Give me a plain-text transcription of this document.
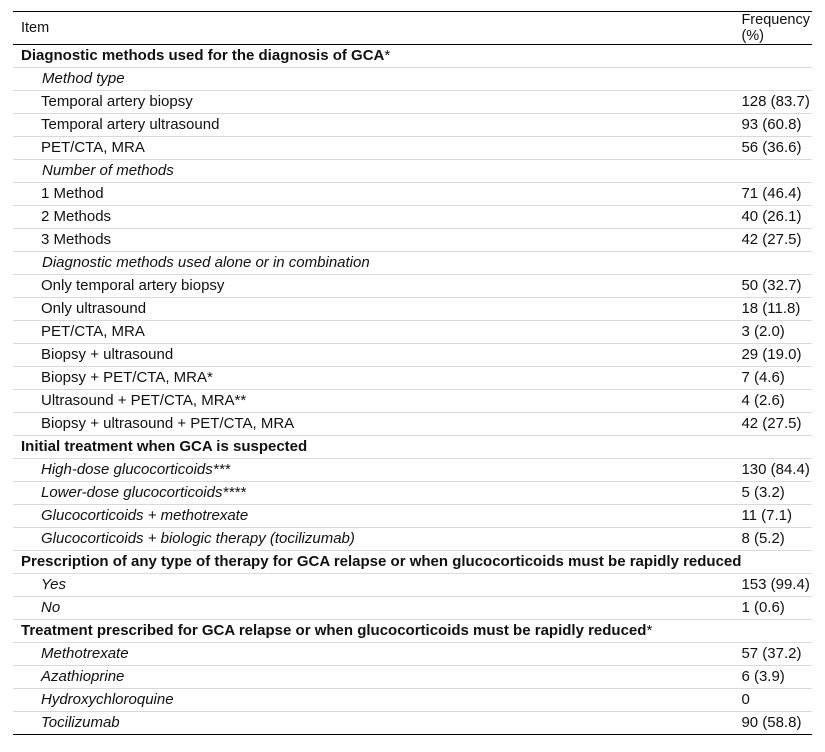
Item	Frequency (%)
Diagnostic methods used for the diagnosis of GCA*	
Method type	
Temporal artery biopsy	128 (83.7)
Temporal artery ultrasound	93 (60.8)
PET/CTA, MRA	56 (36.6)
Number of methods	
1 Method	71 (46.4)
2 Methods	40 (26.1)
3 Methods	42 (27.5)
Diagnostic methods used alone or in combination	
Only temporal artery biopsy	50 (32.7)
Only ultrasound	18 (11.8)
PET/CTA, MRA	3 (2.0)
Biopsy + ultrasound	29 (19.0)
Biopsy + PET/CTA, MRA*	7 (4.6)
Ultrasound + PET/CTA, MRA**	4 (2.6)
Biopsy + ultrasound + PET/CTA, MRA	42 (27.5)
Initial treatment when GCA is suspected	
High-dose glucocorticoids***	130 (84.4)
Lower-dose glucocorticoids****	5 (3.2)
Glucocorticoids + methotrexate	11 (7.1)
Glucocorticoids + biologic therapy (tocilizumab)	8 (5.2)
Prescription of any type of therapy for GCA relapse or when glucocorticoids must be rapidly reduced	
Yes	153 (99.4)
No	1 (0.6)
Treatment prescribed for GCA relapse or when glucocorticoids must be rapidly reduced*	
Methotrexate	57 (37.2)
Azathioprine	6 (3.9)
Hydroxychloroquine	0
Tocilizumab	90 (58.8)
